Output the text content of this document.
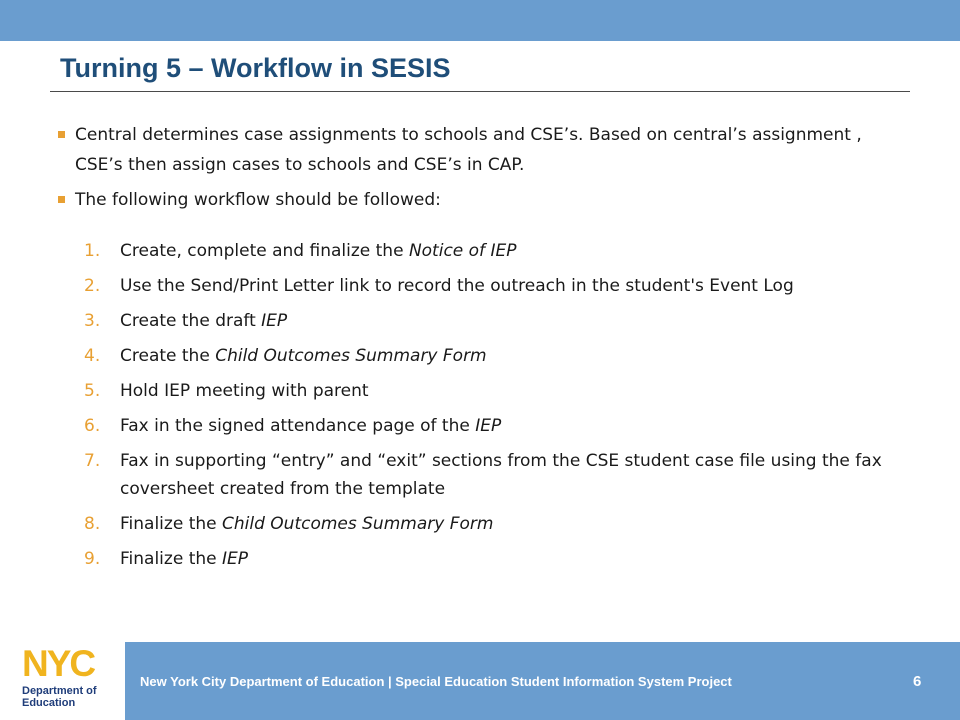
Turning 5 – Workflow in SESIS
Central determines case assignments to schools and CSE’s. Based on central’s assignment , CSE’s then assign cases to schools and CSE’s in CAP.
The following workflow should be followed:
1.	Create, complete and finalize the Notice of IEP
2.	Use the Send/Print Letter link to record the outreach in the student's Event Log
3.	Create the draft IEP
4.	Create the Child Outcomes Summary Form
5.	Hold IEP meeting with parent
6.	Fax in the signed attendance page of the IEP
7.	Fax in supporting “entry” and “exit” sections from the CSE student case file using the fax coversheet created from the template
8.	Finalize the Child Outcomes Summary Form
9.	Finalize the IEP
NYC
Department of
Education
New York City Department of Education | Special Education Student Information System Project	6
